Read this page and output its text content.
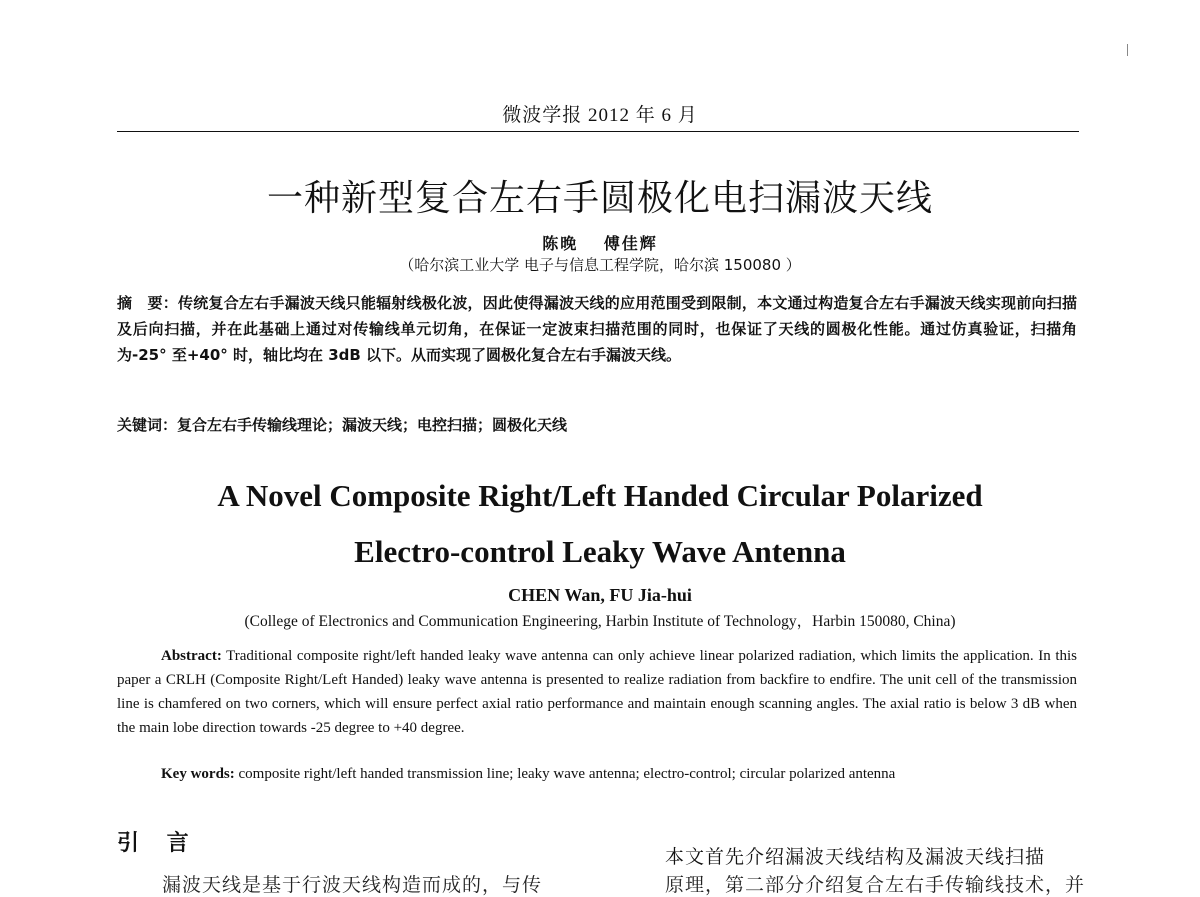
微波学报 2012 年 6 月
一种新型复合左右手圆极化电扫漏波天线
陈晚　 傅佳辉
（哈尔滨工业大学 电子与信息工程学院，哈尔滨 150080 ）
摘　要：传统复合左右手漏波天线只能辐射线极化波，因此使得漏波天线的应用范围受到限制，本文通过构造复合左右手漏波天线实现前向扫描及后向扫描，并在此基础上通过对传输线单元切角，在保证一定波束扫描范围的同时，也保证了天线的圆极化性能。通过仿真验证，扫描角为-25° 至+40° 时，轴比均在 3dB 以下。从而实现了圆极化复合左右手漏波天线。
关键词：复合左右手传输线理论；漏波天线；电控扫描；圆极化天线
A Novel Composite Right/Left Handed Circular Polarized
Electro-control Leaky Wave Antenna
CHEN Wan, FU Jia-hui
(College of Electronics and Communication Engineering, Harbin Institute of Technology，Harbin 150080, China)
Abstract: Traditional composite right/left handed leaky wave antenna can only achieve linear polarized radiation, which limits the application. In this paper a CRLH (Composite Right/Left Handed) leaky wave antenna is presented to realize radiation from backfire to endfire. The unit cell of the transmission line is chamfered on two corners, which will ensure perfect axial ratio performance and maintain enough scanning angles. The axial ratio is below 3 dB when the main lobe direction towards -25 degree to +40 degree.
Key words: composite right/left handed transmission line; leaky wave antenna; electro-control; circular polarized antenna
引 言
本文首先介绍漏波天线结构及漏波天线扫描
漏波天线是基于行波天线构造而成的，与传	原理，第二部分介绍复合左右手传输线技术，并
